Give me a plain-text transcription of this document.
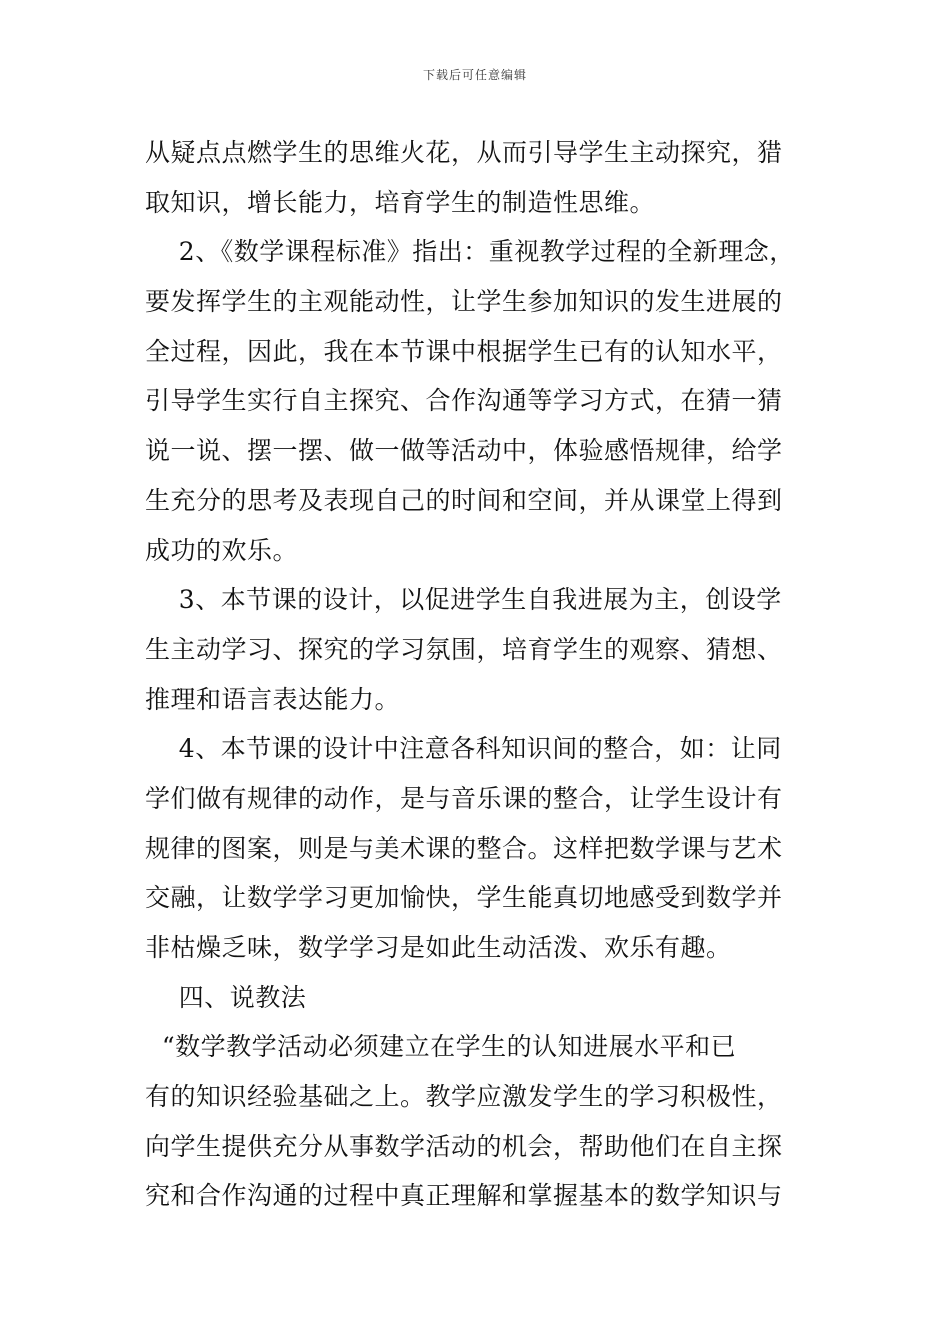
下载后可任意编辑
从疑点点燃学生的思维火花，从而引导学生主动探究，猎
取知识，增长能力，培育学生的制造性思维。
2、《数学课程标准》指出：重视教学过程的全新理念，
要发挥学生的主观能动性，让学生参加知识的发生进展的
全过程，因此，我在本节课中根据学生已有的认知水平，
引导学生实行自主探究、合作沟通等学习方式，在猜一猜
说一说、摆一摆、做一做等活动中，体验感悟规律，给学
生充分的思考及表现自己的时间和空间，并从课堂上得到
成功的欢乐。
3、本节课的设计，以促进学生自我进展为主，创设学
生主动学习、探究的学习氛围，培育学生的观察、猜想、
推理和语言表达能力。
4、本节课的设计中注意各科知识间的整合，如：让同
学们做有规律的动作，是与音乐课的整合，让学生设计有
规律的图案，则是与美术课的整合。这样把数学课与艺术
交融，让数学学习更加愉快，学生能真切地感受到数学并
非枯燥乏味，数学学习是如此生动活泼、欢乐有趣。
四、说教法
“数学教学活动必须建立在学生的认知进展水平和已
有的知识经验基础之上。教学应激发学生的学习积极性，
向学生提供充分从事数学活动的机会，帮助他们在自主探
究和合作沟通的过程中真正理解和掌握基本的数学知识与
